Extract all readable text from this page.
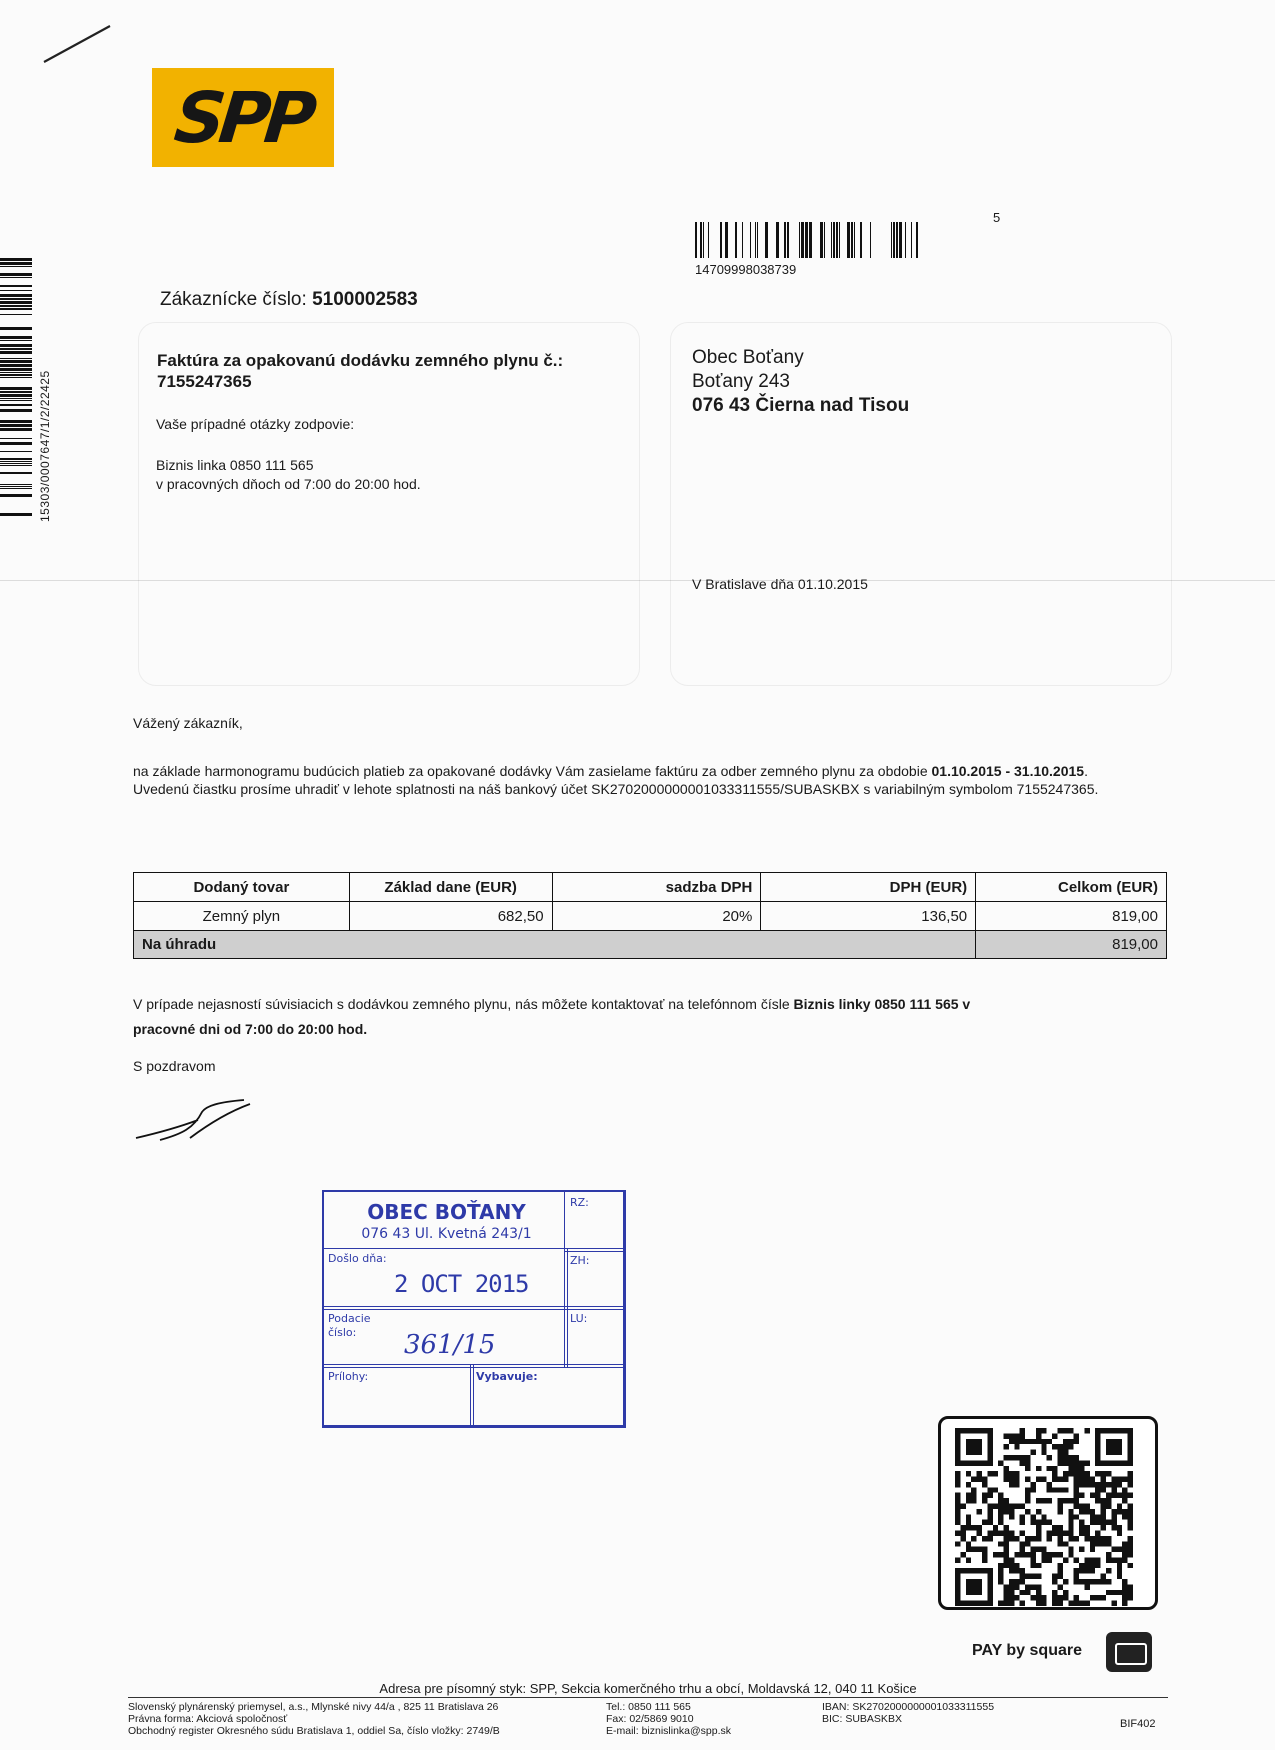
SPP
14709998038739
5
15303/0007647/1/2/22425
Zákaznícke číslo: 5100002583
Faktúra za opakovanú dodávku zemného plynu č.:
7155247365
Vaše prípadné otázky zodpovie:
Biznis linka 0850 111 565
v pracovných dňoch od 7:00 do 20:00 hod.
Obec Boťany
Boťany 243
076 43 Čierna nad Tisou
V Bratislave dňa 01.10.2015
Vážený zákazník,
na základe harmonogramu budúcich platieb za opakované dodávky Vám zasielame faktúru za odber zemného plynu za obdobie 01.10.2015 - 31.10.2015.
Uvedenú čiastku prosíme uhradiť v lehote splatnosti na náš bankový účet SK2702000000001033311555/SUBASKBX s variabilným symbolom 7155247365.
Dodaný tovar	Základ dane (EUR)	sadzba DPH	DPH (EUR)	Celkom (EUR)
Zemný plyn	682,50	20%	136,50	819,00
Na úhradu				819,00
V prípade nejasností súvisiacich s dodávkou zemného plynu, nás môžete kontaktovať na telefónnom čísle Biznis linky 0850 111 565 v
pracovné dni od 7:00 do 20:00 hod.
S pozdravom
OBEC BOŤANY
076 43 Ul. Kvetná 243/1
RZ:
Došlo dňa:
2 OCT 2015
ZH:
Podacie
číslo: 361/15
LU:
Prílohy:	Vybavuje:
PAY by square
Adresa pre písomný styk: SPP, Sekcia komerčného trhu a obcí, Moldavská 12, 040 11 Košice
Slovenský plynárenský priemysel, a.s., Mlynské nivy 44/a , 825 11 Bratislava 26
Právna forma: Akciová spoločnosť
Obchodný register Okresného súdu Bratislava 1, oddiel Sa, číslo vložky: 2749/B
Tel.: 0850 111 565
Fax: 02/5869 9010
E-mail: biznislinka@spp.sk
IBAN: SK2702000000001033311555
BIC: SUBASKBX	BIF402
